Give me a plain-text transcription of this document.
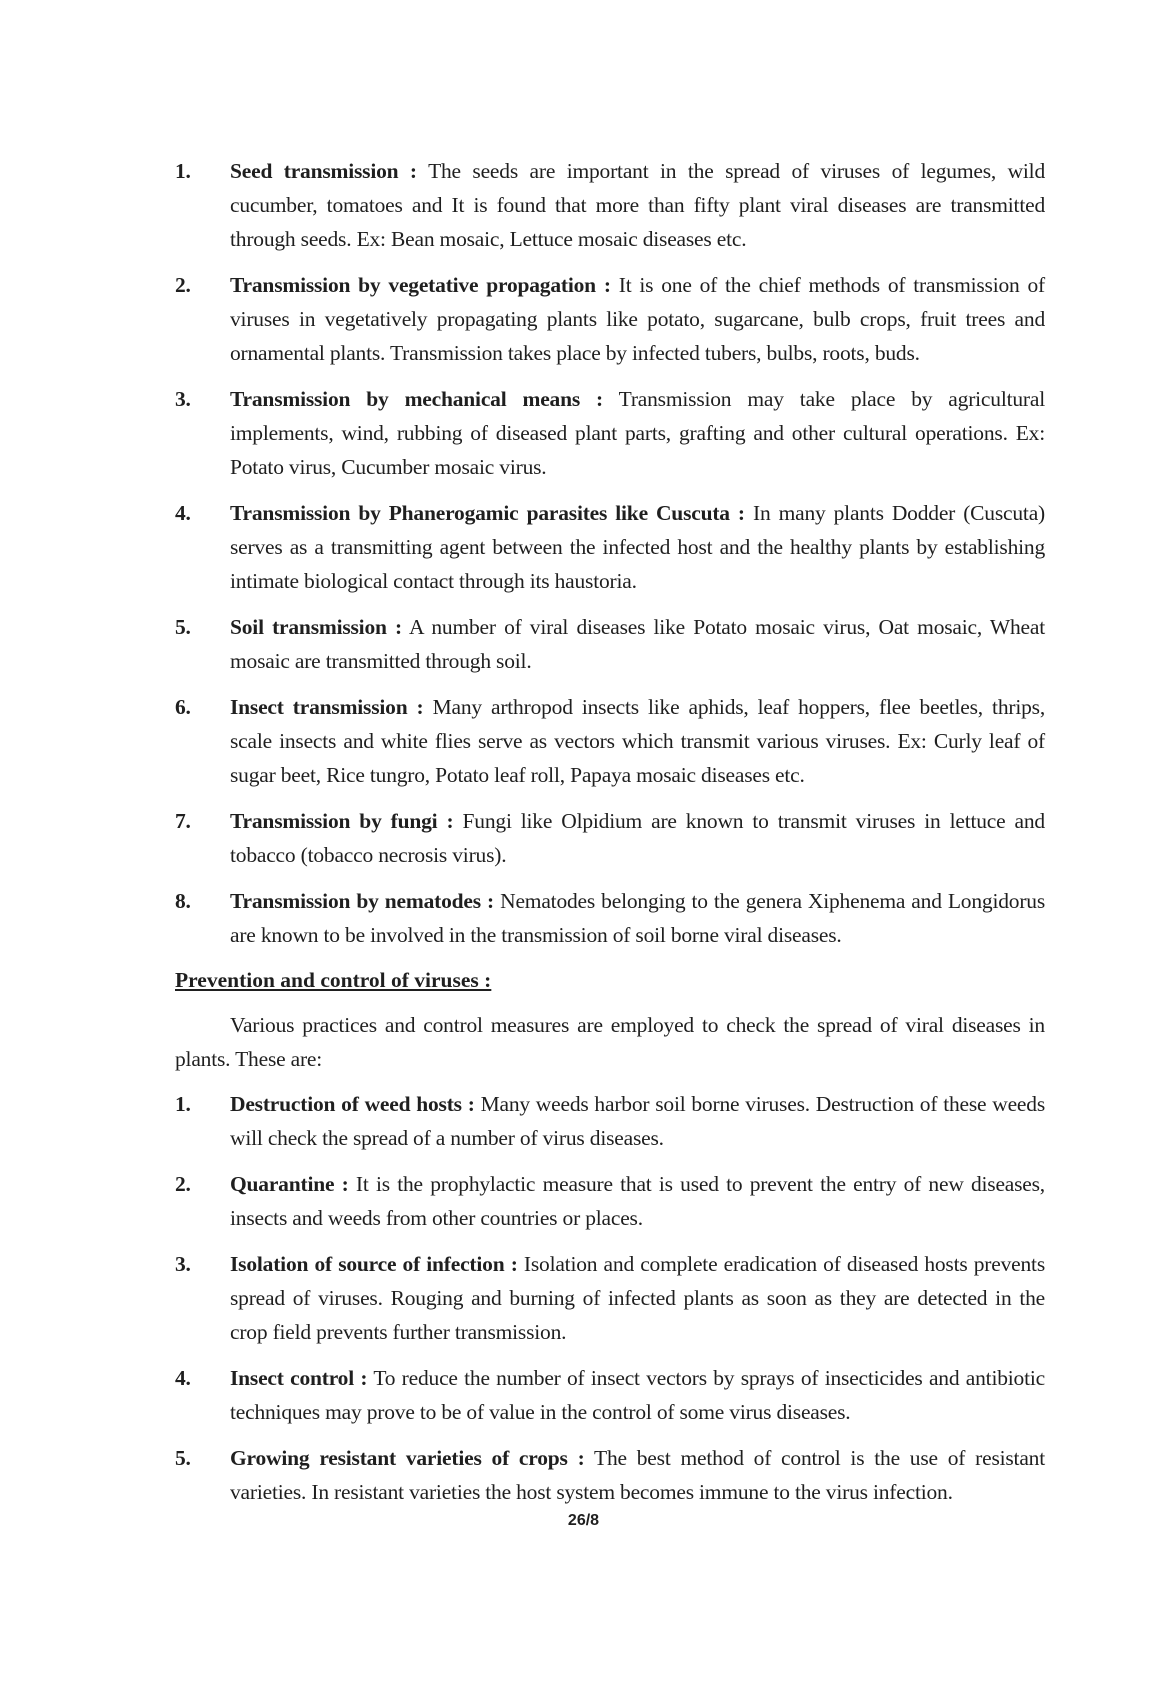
1. Seed transmission : The seeds are important in the spread of viruses of legumes, wild cucumber, tomatoes and It is found that more than fifty plant viral diseases are transmitted through seeds. Ex: Bean mosaic, Lettuce mosaic diseases etc.
2. Transmission by vegetative propagation : It is one of the chief methods of transmission of viruses in vegetatively propagating plants like potato, sugarcane, bulb crops, fruit trees and ornamental plants. Transmission takes place by infected tubers, bulbs, roots, buds.
3. Transmission by mechanical means : Transmission may take place by agricultural implements, wind, rubbing of diseased plant parts, grafting and other cultural operations. Ex: Potato virus, Cucumber mosaic virus.
4. Transmission by Phanerogamic parasites like Cuscuta : In many plants Dodder (Cuscuta) serves as a transmitting agent between the infected host and the healthy plants by establishing intimate biological contact through its haustoria.
5. Soil transmission : A number of viral diseases like Potato mosaic virus, Oat mosaic, Wheat mosaic are transmitted through soil.
6. Insect transmission : Many arthropod insects like aphids, leaf hoppers, flee beetles, thrips, scale insects and white flies serve as vectors which transmit various viruses. Ex: Curly leaf of sugar beet, Rice tungro, Potato leaf roll, Papaya mosaic diseases etc.
7. Transmission by fungi : Fungi like Olpidium are known to transmit viruses in lettuce and tobacco (tobacco necrosis virus).
8. Transmission by nematodes : Nematodes belonging to the genera Xiphenema and Longidorus are known to be involved in the transmission of soil borne viral diseases.
Prevention and control of viruses :

Various practices and control measures are employed to check the spread of viral diseases in plants. These are:

1. Destruction of weed hosts : Many weeds harbor soil borne viruses. Destruction of these weeds will check the spread of a number of virus diseases.
2. Quarantine : It is the prophylactic measure that is used to prevent the entry of new diseases, insects and weeds from other countries or places.
3. Isolation of source of infection : Isolation and complete eradication of diseased hosts prevents spread of viruses. Rouging and burning of infected plants as soon as they are detected in the crop field prevents further transmission.
4. Insect control : To reduce the number of insect vectors by sprays of insecticides and antibiotic techniques may prove to be of value in the control of some virus diseases.
5. Growing resistant varieties of crops : The best method of control is the use of resistant varieties. In resistant varieties the host system becomes immune to the virus infection.
26/8
